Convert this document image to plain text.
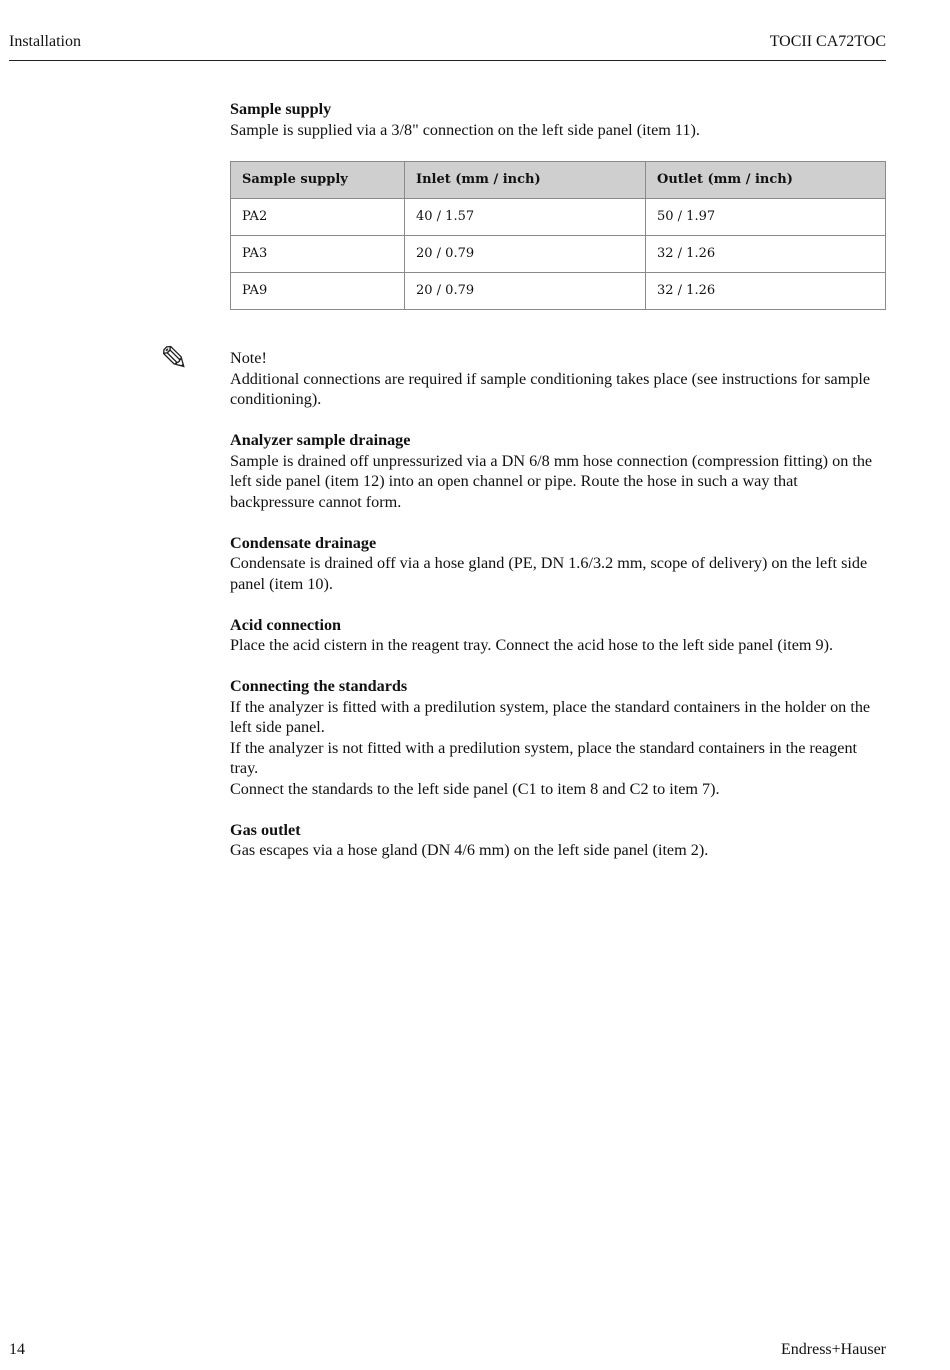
Installation	TOCII CA72TOC
Sample supply
Sample is supplied via a 3/8" connection on the left side panel (item 11).
Sample supply	Inlet (mm / inch)	Outlet (mm / inch)
PA2	40 / 1.57	50 / 1.97
PA3	20 / 0.79	32 / 1.26
PA9	20 / 0.79	32 / 1.26
✎	Note!
Additional connections are required if sample conditioning takes place (see instructions for sample conditioning).
Analyzer sample drainage
Sample is drained off unpressurized via a DN 6/8 mm hose connection (compression fitting) on the left side panel (item 12) into an open channel or pipe. Route the hose in such a way that backpressure cannot form.
Condensate drainage
Condensate is drained off via a hose gland (PE, DN 1.6/3.2 mm, scope of delivery) on the left side panel (item 10).
Acid connection
Place the acid cistern in the reagent tray. Connect the acid hose to the left side panel (item 9).
Connecting the standards
If the analyzer is fitted with a predilution system, place the standard containers in the holder on the left side panel.
If the analyzer is not fitted with a predilution system, place the standard containers in the reagent tray.
Connect the standards to the left side panel (C1 to item 8 and C2 to item 7).
Gas outlet
Gas escapes via a hose gland (DN 4/6 mm) on the left side panel (item 2).
14	Endress+Hauser
